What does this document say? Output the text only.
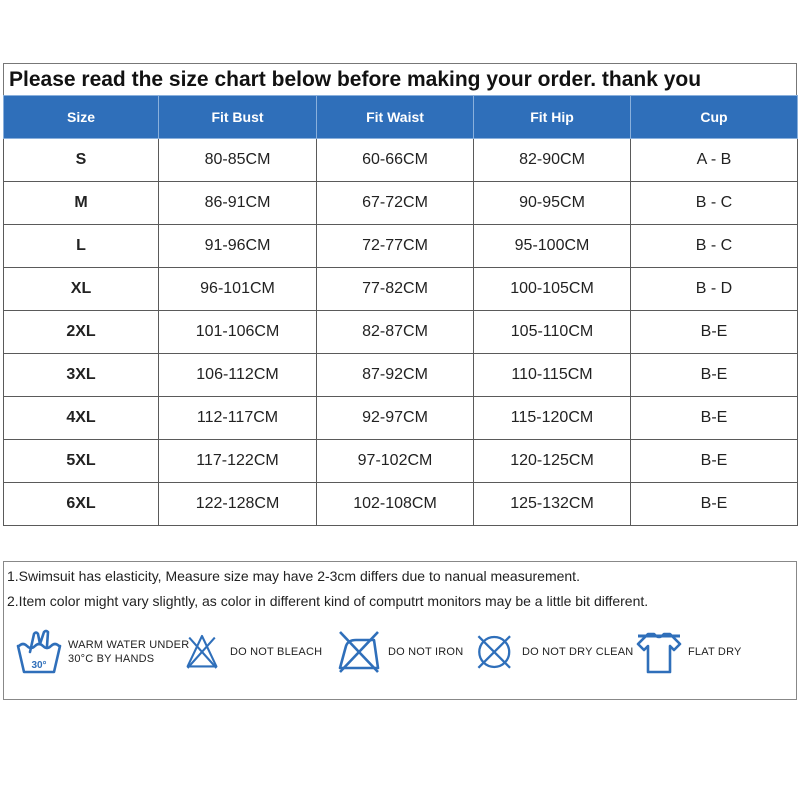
Please read the size chart below before making your order. thank you
Size	Fit Bust	Fit Waist	Fit Hip	Cup
S	80-85CM	60-66CM	82-90CM	A - B
M	86-91CM	67-72CM	90-95CM	B - C
L	91-96CM	72-77CM	95-100CM	B - C
XL	96-101CM	77-82CM	100-105CM	B - D
2XL	101-106CM	82-87CM	105-110CM	B-E
3XL	106-112CM	87-92CM	110-115CM	B-E
4XL	112-117CM	92-97CM	115-120CM	B-E
5XL	117-122CM	97-102CM	120-125CM	B-E
6XL	122-128CM	102-108CM	125-132CM	B-E
1.Swimsuit has elasticity, Measure size may have 2-3cm differs due to nanual measurement.
2.Item color might vary slightly, as color in different kind of computrt monitors may be a little bit different.
30°
WARM WATER UNDER
30°C BY HANDS
DO NOT BLEACH	DO NOT IRON	DO NOT DRY CLEAN	FLAT DRY
